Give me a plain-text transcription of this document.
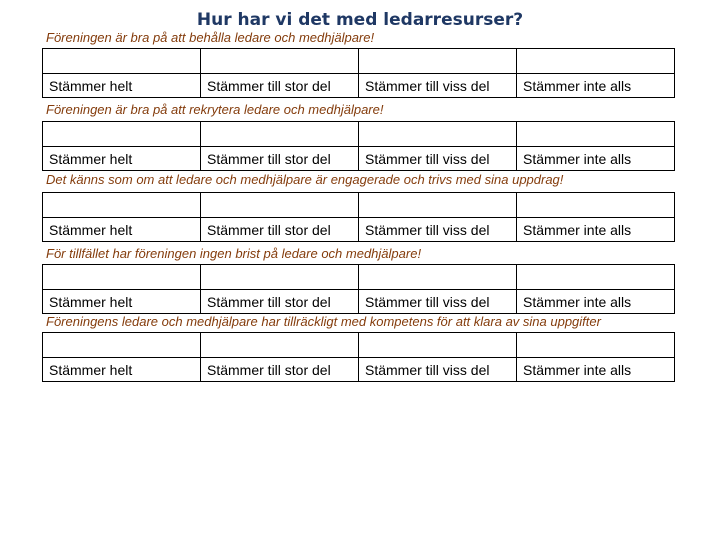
Hur har vi det med ledarresurser?
Föreningen är bra på att behålla ledare och medhjälpare!

Stämmer helt	Stämmer till stor del	Stämmer till viss del	Stämmer inte alls
Föreningen är bra på att rekrytera ledare och medhjälpare!

Stämmer helt	Stämmer till stor del	Stämmer till viss del	Stämmer inte alls
Det känns som om att ledare och medhjälpare är engagerade och trivs med sina uppdrag!

Stämmer helt	Stämmer till stor del	Stämmer till viss del	Stämmer inte alls
För tillfället har föreningen ingen brist på ledare och medhjälpare!

Stämmer helt	Stämmer till stor del	Stämmer till viss del	Stämmer inte alls
Föreningens ledare och medhjälpare har tillräckligt med kompetens för att klara av sina uppgifter

Stämmer helt	Stämmer till stor del	Stämmer till viss del	Stämmer inte alls
